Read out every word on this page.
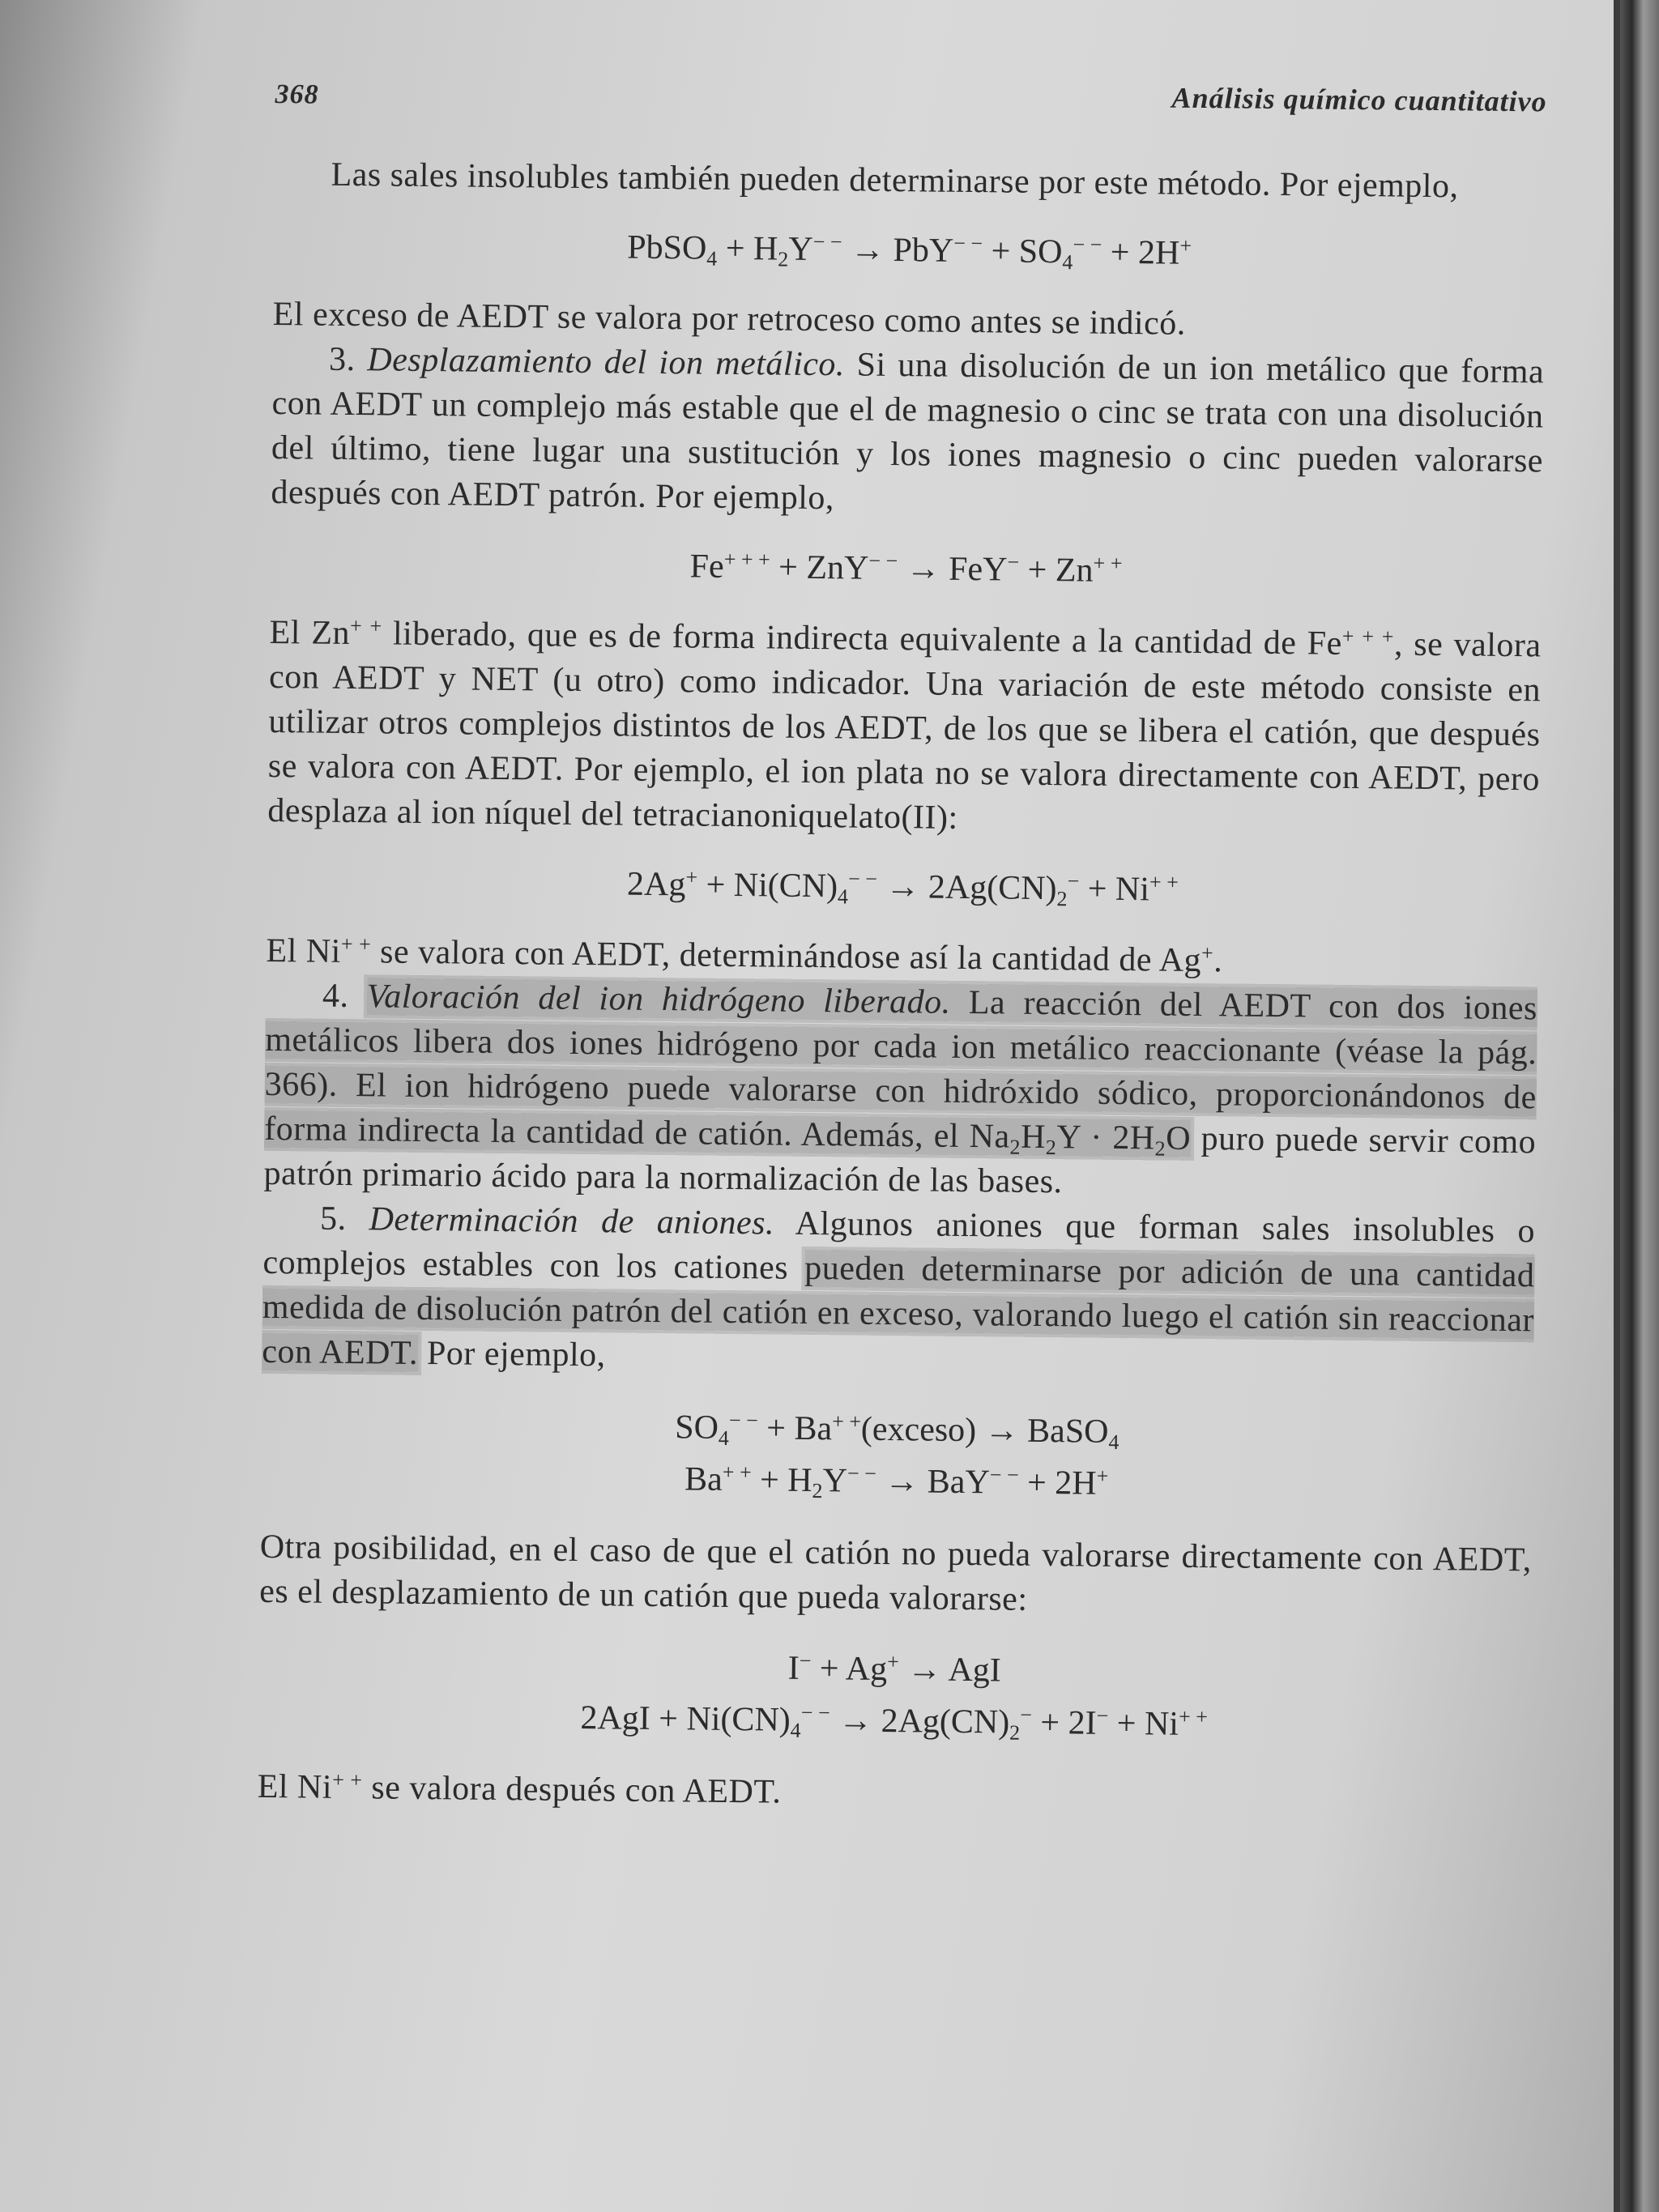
368	Análisis químico cuantitativo

Las sales insolubles también pueden determinarse por este método. Por ejemplo,

PbSO$_4$ + $H_2Y^{- -} \to PbY^{- -} + SO_4^{- -} + 2H^+$

El exceso de AEDT se valora por retroceso como antes se indicó.

3. Desplazamiento del ion metálico. Si una disolución de un ion metálico que forma con AEDT un complejo más estable que el de magnesio o cinc se trata con una disolución del último, tiene lugar una sustitución y los iones magnesio o cinc pueden valorarse después con AEDT patrón. Por ejemplo,

Fe+ + + + ZnY− − → FeY− + Zn+ +

El Zn+ + liberado, que es de forma indirecta equivalente a la cantidad de Fe+ + +, se valora con AEDT y NET (u otro) como indicador. Una variación de este método consiste en utilizar otros complejos distintos de los AEDT, de los que se libera el catión, que después se valora con AEDT. Por ejemplo, el ion plata no se valora directamente con AEDT, pero desplaza al ion níquel del tetracianoniquelato(II):

$2Ag^+ + Ni(CN)_4^{- -} \to 2Ag(CN)_2^- + Ni^{+ +}$

El Ni+ + se valora con AEDT, determinándose así la cantidad de Ag+.

4. Valoración del ion hidrógeno liberado. La reacción del AEDT con dos iones metálicos libera dos iones hidrógeno por cada ion metálico reaccionante (véase la pág. 366). El ion hidrógeno puede valorarse con hidróxido sódico, proporcionándonos de forma indirecta la cantidad de catión. Además, el $Na_2H_2Y \cdot 2H_2O$ puro puede servir como patrón primario ácido para la normalización de las bases.

5. Determinación de aniones. Algunos aniones que forman sales insolubles o complejos estables con los cationes pueden determinarse por adición de una cantidad medida de disolución patrón del catión en exceso, valorando luego el catión sin reaccionar con AEDT. Por ejemplo,

$SO_4^{- -}$ + Ba+ +(exceso) → BaSO$_4$
$Ba^{+ +} + H_2Y^{- -} \to BaY^{- -} + 2H^+$

Otra posibilidad, en el caso de que el catión no pueda valorarse directamente con AEDT, es el desplazamiento de un catión que pueda valorarse:

I− + Ag+ → AgI
$2AgI + Ni(CN)_4^{- -} \to 2Ag(CN)_2^- + 2I^- + Ni^{+ +}$

El Ni+ + se valora después con AEDT.
